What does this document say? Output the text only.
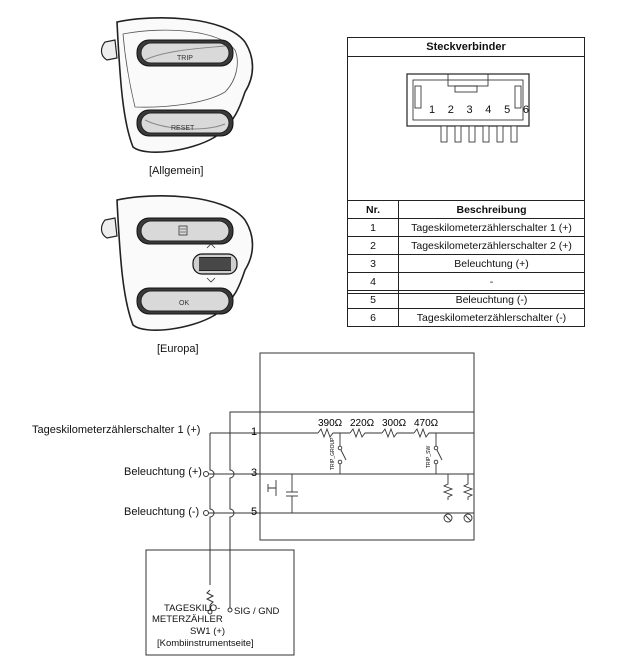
TRIP
RESET
[Allgemein]
OK
[Europa]
Steckverbinder
1 2 3 4 5 6
Nr.	Beschreibung
1	Tageskilometerzählerschalter 1 (+)
2	Tageskilometerzählerschalter 2 (+)
3	Beleuchtung (+)
4	-
5	Beleuchtung (-)
6	Tageskilometerzählerschalter (-)
1
3
5
390Ω 220Ω 300Ω 470Ω
TRIP_GROUP	TRIP_SW
Tageskilometerzählerschalter 1 (+)
Beleuchtung (+)
Beleuchtung (-)
TAGESKILO-
METERZÄHLER
SW1 (+)
SIG / GND
[Kombiinstrumentseite]
